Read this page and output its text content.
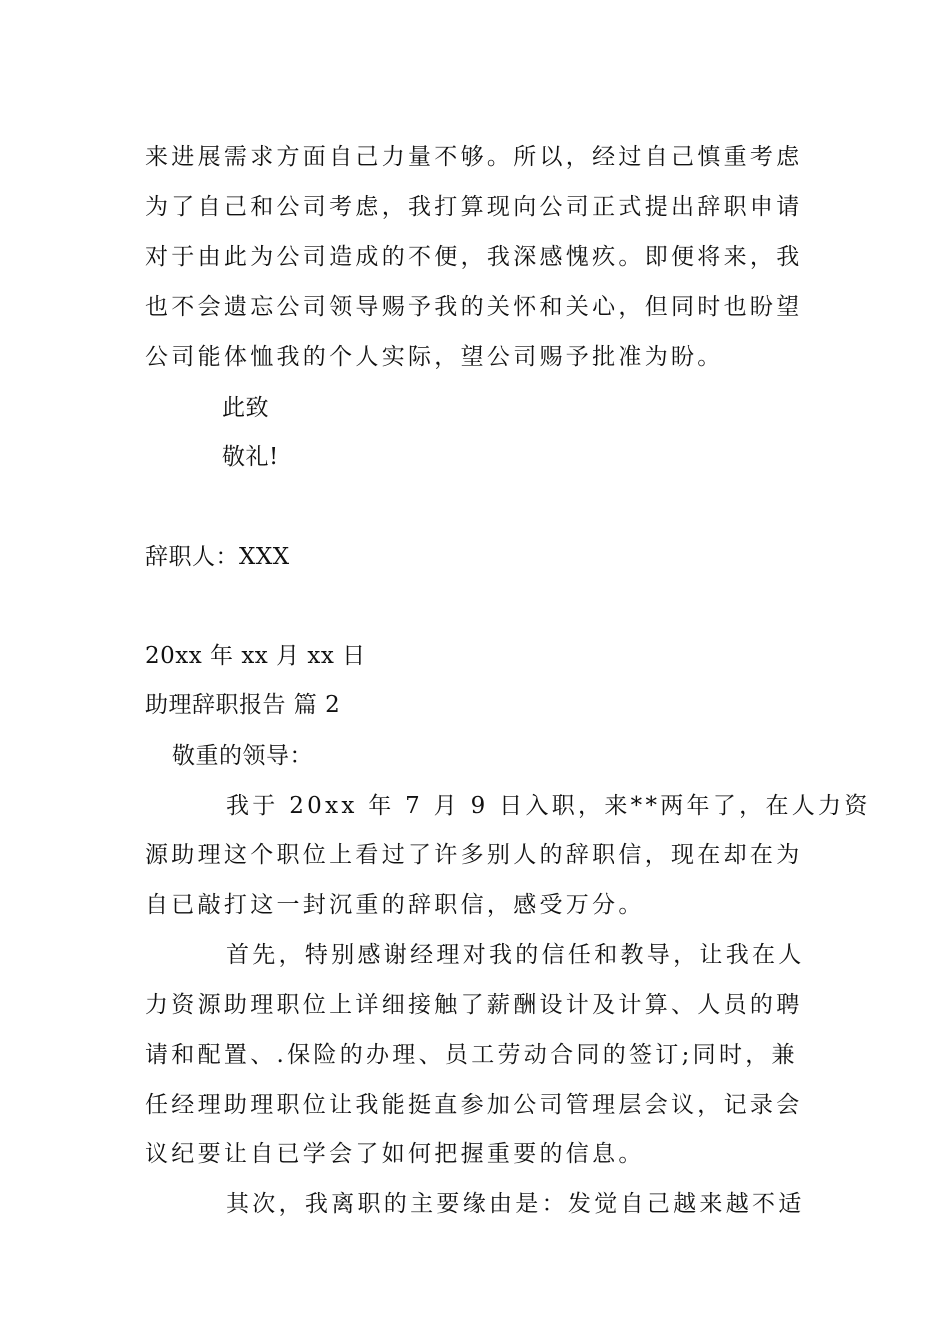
来进展需求方面自己力量不够。所以，经过自己慎重考虑
为了自己和公司考虑，我打算现向公司正式提出辞职申请
对于由此为公司造成的不便，我深感愧疚。即便将来，我
也不会遗忘公司领导赐予我的关怀和关心，但同时也盼望
公司能体恤我的个人实际，望公司赐予批准为盼。
此致
敬礼!
辞职人：XXX
20xx 年 xx 月 xx 日
助理辞职报告 篇 2
敬重的领导：
我于 20xx 年 7 月 9 日入职，来**两年了，在人力资
源助理这个职位上看过了许多别人的辞职信，现在却在为
自已敲打这一封沉重的辞职信，感受万分。
首先，特别感谢经理对我的信任和教导，让我在人
力资源助理职位上详细接触了薪酬设计及计算、人员的聘
请和配置、.保险的办理、员工劳动合同的签订;同时，兼
任经理助理职位让我能挺直参加公司管理层会议，记录会
议纪要让自已学会了如何把握重要的信息。
其次，我离职的主要缘由是：发觉自己越来越不适
